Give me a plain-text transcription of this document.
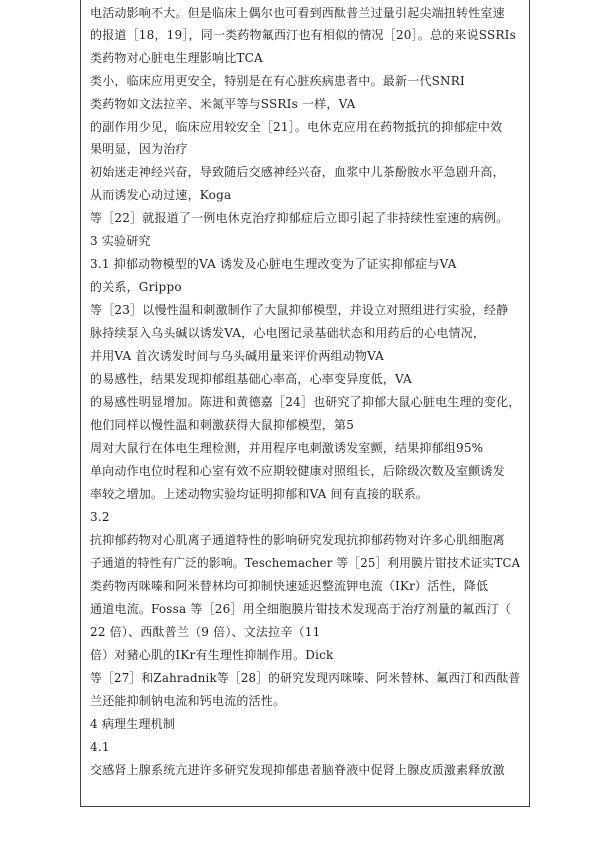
电活动影响不大。但是临床上偶尔也可看到西酞普兰过量引起尖端扭转性室速
的报道［18，19］，同一类药物氟西汀也有相似的情况［20］。总的来说SSRIs
类药物对心脏电生理影响比TCA
类小，临床应用更安全，特别是在有心脏疾病患者中。最新一代SNRI
类药物如文法拉辛、米氮平等与SSRIs 一样，VA
的副作用少见，临床应用较安全［21］。电休克应用在药物抵抗的抑郁症中效
果明显，因为治疗
初始迷走神经兴奋，导致随后交感神经兴奋，血浆中儿茶酚胺水平急剧升高，
从而诱发心动过速，Koga
等［22］就报道了一例电休克治疗抑郁症后立即引起了非持续性室速的病例。
3 实验研究
3.1 抑郁动物模型的VA 诱发及心脏电生理改变为了证实抑郁症与VA
的关系，Grippo
等［23］以慢性温和刺激制作了大鼠抑郁模型，并设立对照组进行实验，经静
脉持续泵入乌头碱以诱发VA，心电图记录基础状态和用药后的心电情况，
并用VA 首次诱发时间与乌头碱用量来评价两组动物VA
的易感性，结果发现抑郁组基础心率高，心率变异度低，VA
的易感性明显增加。陈进和黄德嘉［24］也研究了抑郁大鼠心脏电生理的变化，
他们同样以慢性温和刺激获得大鼠抑郁模型，第5
周对大鼠行在体电生理检测，并用程序电刺激诱发室颤，结果抑郁组95%
单向动作电位时程和心室有效不应期较健康对照组长，后除级次数及室颤诱发
率较之增加。上述动物实验均证明抑郁和VA 间有直接的联系。
3.2
抗抑郁药物对心肌离子通道特性的影响研究发现抗抑郁药物对许多心肌细胞离
子通道的特性有广泛的影响。Teschemacher 等［25］利用膜片钳技术证实TCA
类药物丙咪嗪和阿米替林均可抑制快速延迟整流钾电流（IKr）活性，降低
通道电流。Fossa 等［26］用全细胞膜片钳技术发现高于治疗剂量的氟西汀（
22 倍）、西酞普兰（9 倍）、文法拉辛（11
倍）对豬心肌的IKr有生理性抑制作用。Dick
等［27］和Zahradnik等［28］的研究发现丙咪嗪、阿米替林、氟西汀和西酞普
兰还能抑制钠电流和钙电流的活性。
4 病理生理机制
4.1
交感肾上腺系统亢进许多研究发现抑郁患者脑脊液中促肾上腺皮质激素释放激
